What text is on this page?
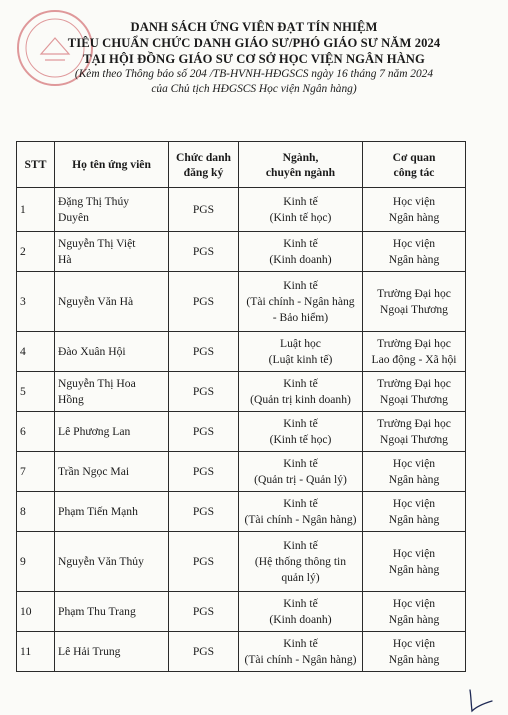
DANH SÁCH ỨNG VIÊN ĐẠT TÍN NHIỆM
TIÊU CHUẨN CHỨC DANH GIÁO SƯ/PHÓ GIÁO SƯ NĂM 2024
TẠI HỘI ĐỒNG GIÁO SƯ CƠ SỞ HỌC VIỆN NGÂN HÀNG
(Kèm theo Thông báo số 204 /TB-HVNH-HĐGSCS ngày 16 tháng 7 năm 2024
của Chủ tịch HĐGSCS Học viện Ngân hàng)
STT	Họ tên ứng viên	Chức danh
đăng ký	Ngành,
chuyên ngành	Cơ quan
công tác

1	Đặng Thị Thúy
Duyên	PGS	Kinh tế
(Kinh tế học)	Học viện
Ngân hàng

2	Nguyễn Thị Việt
Hà	PGS	Kinh tế
(Kinh doanh)	Học viện
Ngân hàng

3	Nguyễn Văn Hà	PGS	Kinh tế
(Tài chính - Ngân hàng
- Bảo hiểm)	Trường Đại học
Ngoại Thương

4	Đào Xuân Hội	PGS	Luật học
(Luật kinh tế)	Trường Đại học
Lao động - Xã hội

5	Nguyễn Thị Hoa
Hồng	PGS	Kinh tế
(Quản trị kinh doanh)	Trường Đại học
Ngoại Thương

6	Lê Phương Lan	PGS	Kinh tế
(Kinh tế học)	Trường Đại học
Ngoại Thương

7	Trần Ngọc Mai	PGS	Kinh tế
(Quản trị - Quản lý)	Học viện
Ngân hàng

8	Phạm Tiến Mạnh	PGS	Kinh tế
(Tài chính - Ngân hàng)	Học viện
Ngân hàng

9	Nguyễn Văn Thủy	PGS	Kinh tế
(Hệ thống thông tin
quản lý)	Học viện
Ngân hàng

10	Phạm Thu Trang	PGS	Kinh tế
(Kinh doanh)	Học viện
Ngân hàng

11	Lê Hải Trung	PGS	Kinh tế
(Tài chính - Ngân hàng)	Học viện
Ngân hàng
